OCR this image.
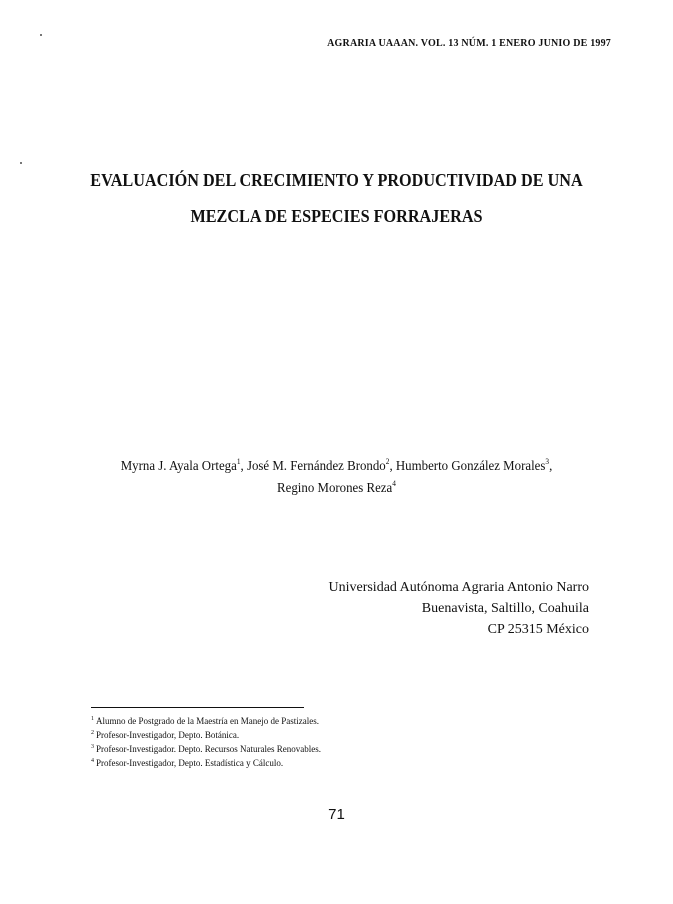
AGRARIA UAAAN. VOL. 13 NÚM. 1 ENERO JUNIO DE 1997
EVALUACIÓN DEL CRECIMIENTO Y PRODUCTIVIDAD DE UNA
MEZCLA DE ESPECIES FORRAJERAS
Myrna J. Ayala Ortega$^1$, José M. Fernández Brondo$^2$, Humberto González Morales$^3$,
Regino Morones Reza$^4$
Universidad Autónoma Agraria Antonio Narro
Buenavista, Saltillo, Coahuila
CP 25315 México
$^1$ Alumno de Postgrado de la Maestría en Manejo de Pastizales.
$^2$ Profesor-Investigador, Depto. Botánica.
$^3$ Profesor-Investigador. Depto. Recursos Naturales Renovables.
$^4$ Profesor-Investigador, Depto. Estadística y Cálculo.
71
